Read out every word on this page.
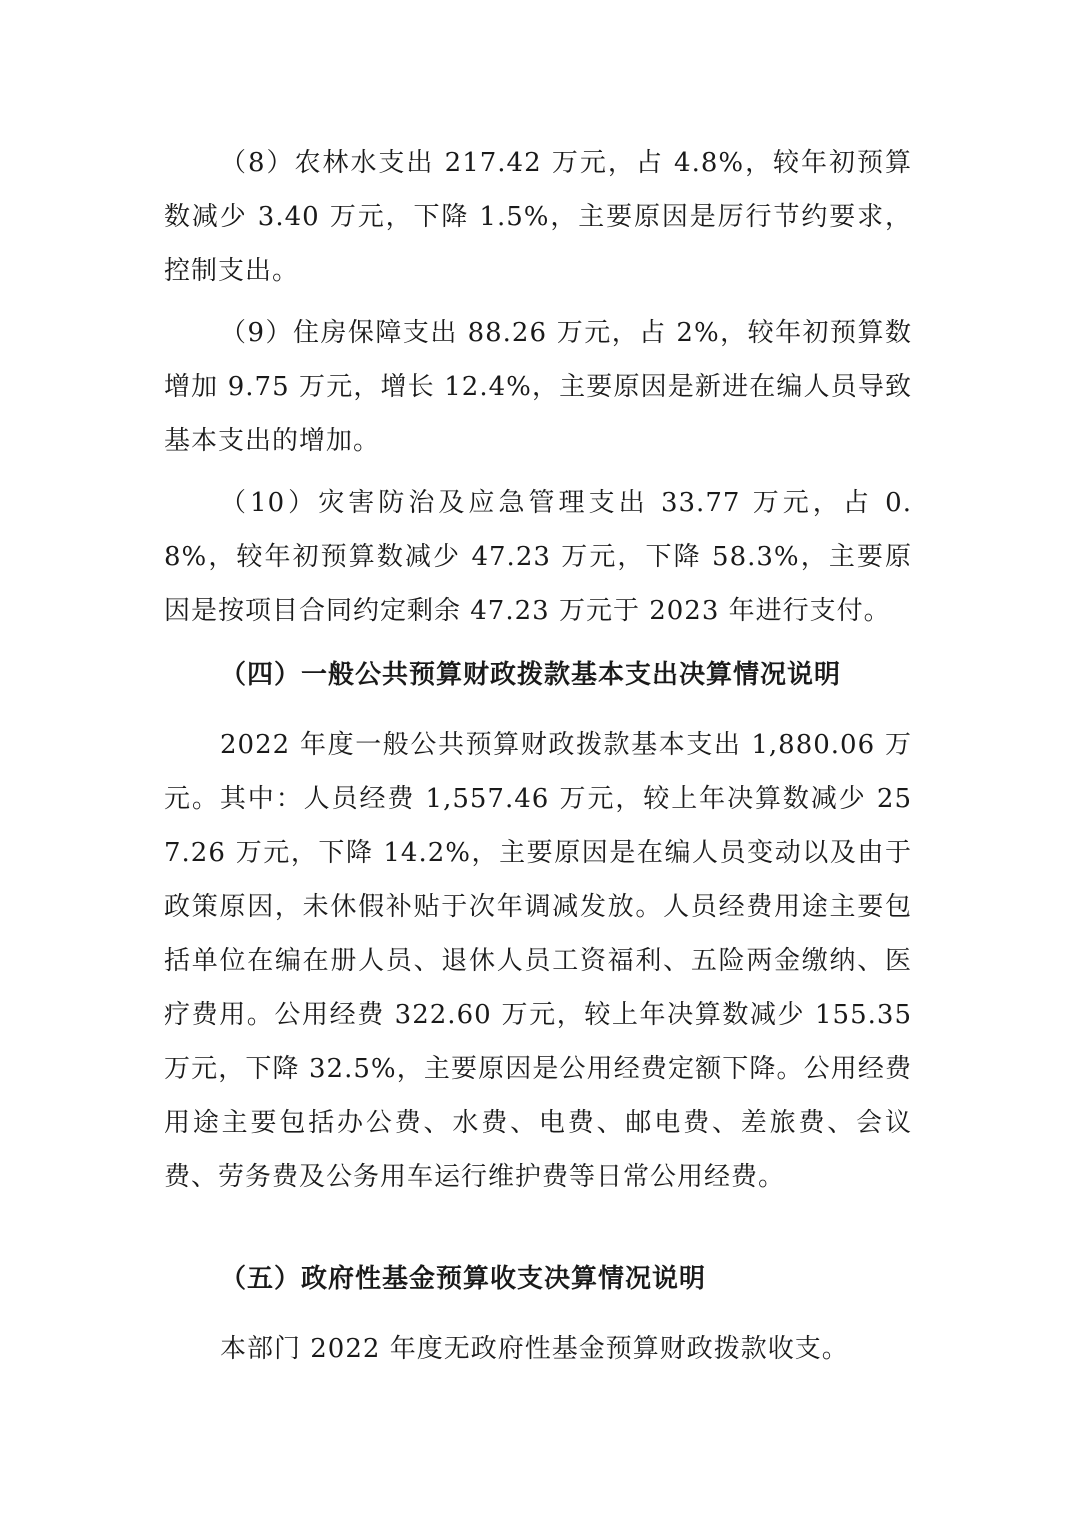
（8）农林水支出 217.42 万元，占 4.8%，较年初预算数减少 3.40 万元，下降 1.5%，主要原因是厉行节约要求，控制支出。

（9）住房保障支出 88.26 万元，占 2%，较年初预算数增加 9.75 万元，增长 12.4%，主要原因是新进在编人员导致基本支出的增加。

（10）灾害防治及应急管理支出 33.77 万元，占 0.8%，较年初预算数减少 47.23 万元，下降 58.3%，主要原因是按项目合同约定剩余 47.23 万元于 2023 年进行支付。

（四）一般公共预算财政拨款基本支出决算情况说明

2022 年度一般公共预算财政拨款基本支出 1,880.06 万元。其中：人员经费 1,557.46 万元，较上年决算数减少 257.26 万元，下降 14.2%，主要原因是在编人员变动以及由于政策原因，未休假补贴于次年调减发放。人员经费用途主要包括单位在编在册人员、退休人员工资福利、五险两金缴纳、医疗费用。公用经费 322.60 万元，较上年决算数减少 155.35 万元，下降 32.5%，主要原因是公用经费定额下降。公用经费用途主要包括办公费、水费、电费、邮电费、差旅费、会议费、劳务费及公务用车运行维护费等日常公用经费。

（五）政府性基金预算收支决算情况说明

本部门 2022 年度无政府性基金预算财政拨款收支。
